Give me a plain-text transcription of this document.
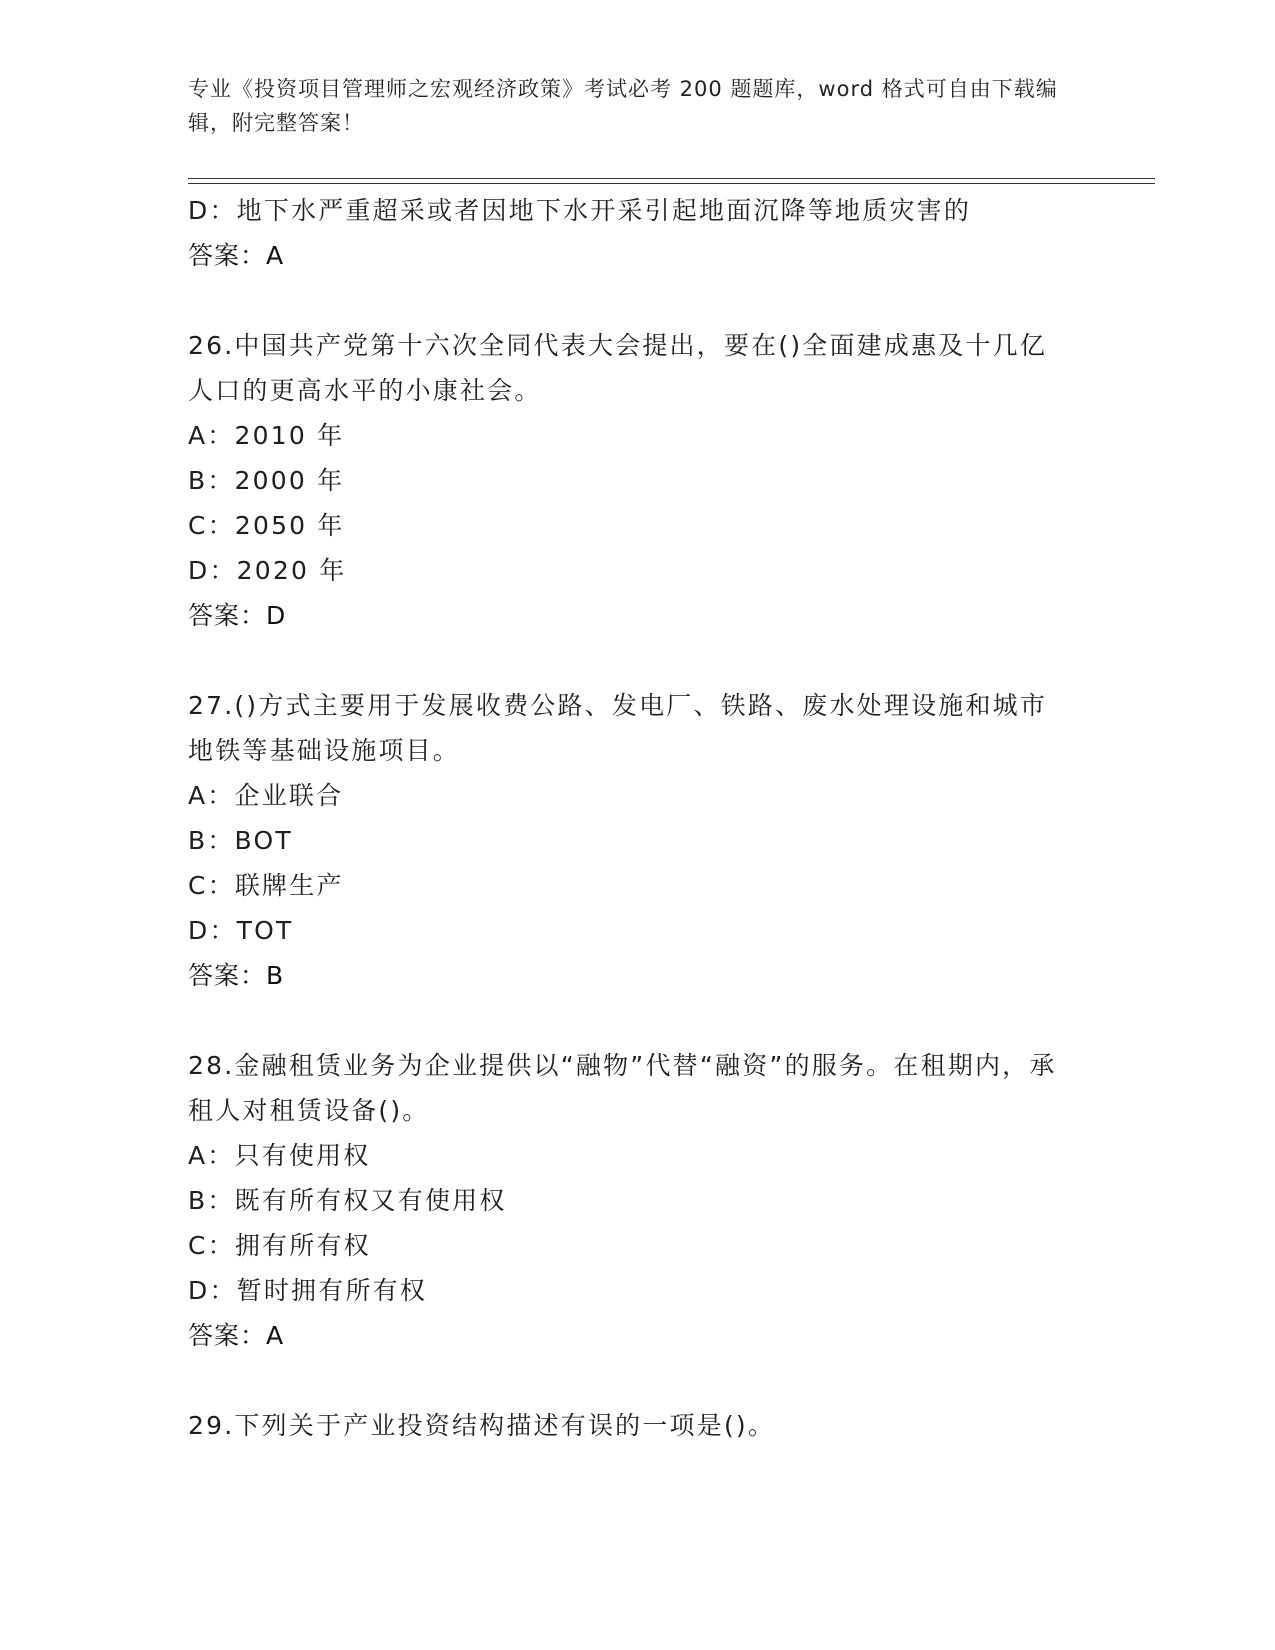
专业《投资项目管理师之宏观经济政策》考试必考 200 题题库，word 格式可自由下载编辑，附完整答案！
D：地下水严重超采或者因地下水开采引起地面沉降等地质灾害的
答案：A
26.中国共产党第十六次全同代表大会提出，要在()全面建成惠及十几亿人口的更高水平的小康社会。
A：2010 年
B：2000 年
C：2050 年
D：2020 年
答案：D
27.()方式主要用于发展收费公路、发电厂、铁路、废水处理设施和城市地铁等基础设施项目。
A：企业联合
B：BOT
C：联牌生产
D：TOT
答案：B
28.金融租赁业务为企业提供以“融物”代替“融资”的服务。在租期内，承租人对租赁设备()。
A：只有使用权
B：既有所有权又有使用权
C：拥有所有权
D：暂时拥有所有权
答案：A
29.下列关于产业投资结构描述有误的一项是()。
